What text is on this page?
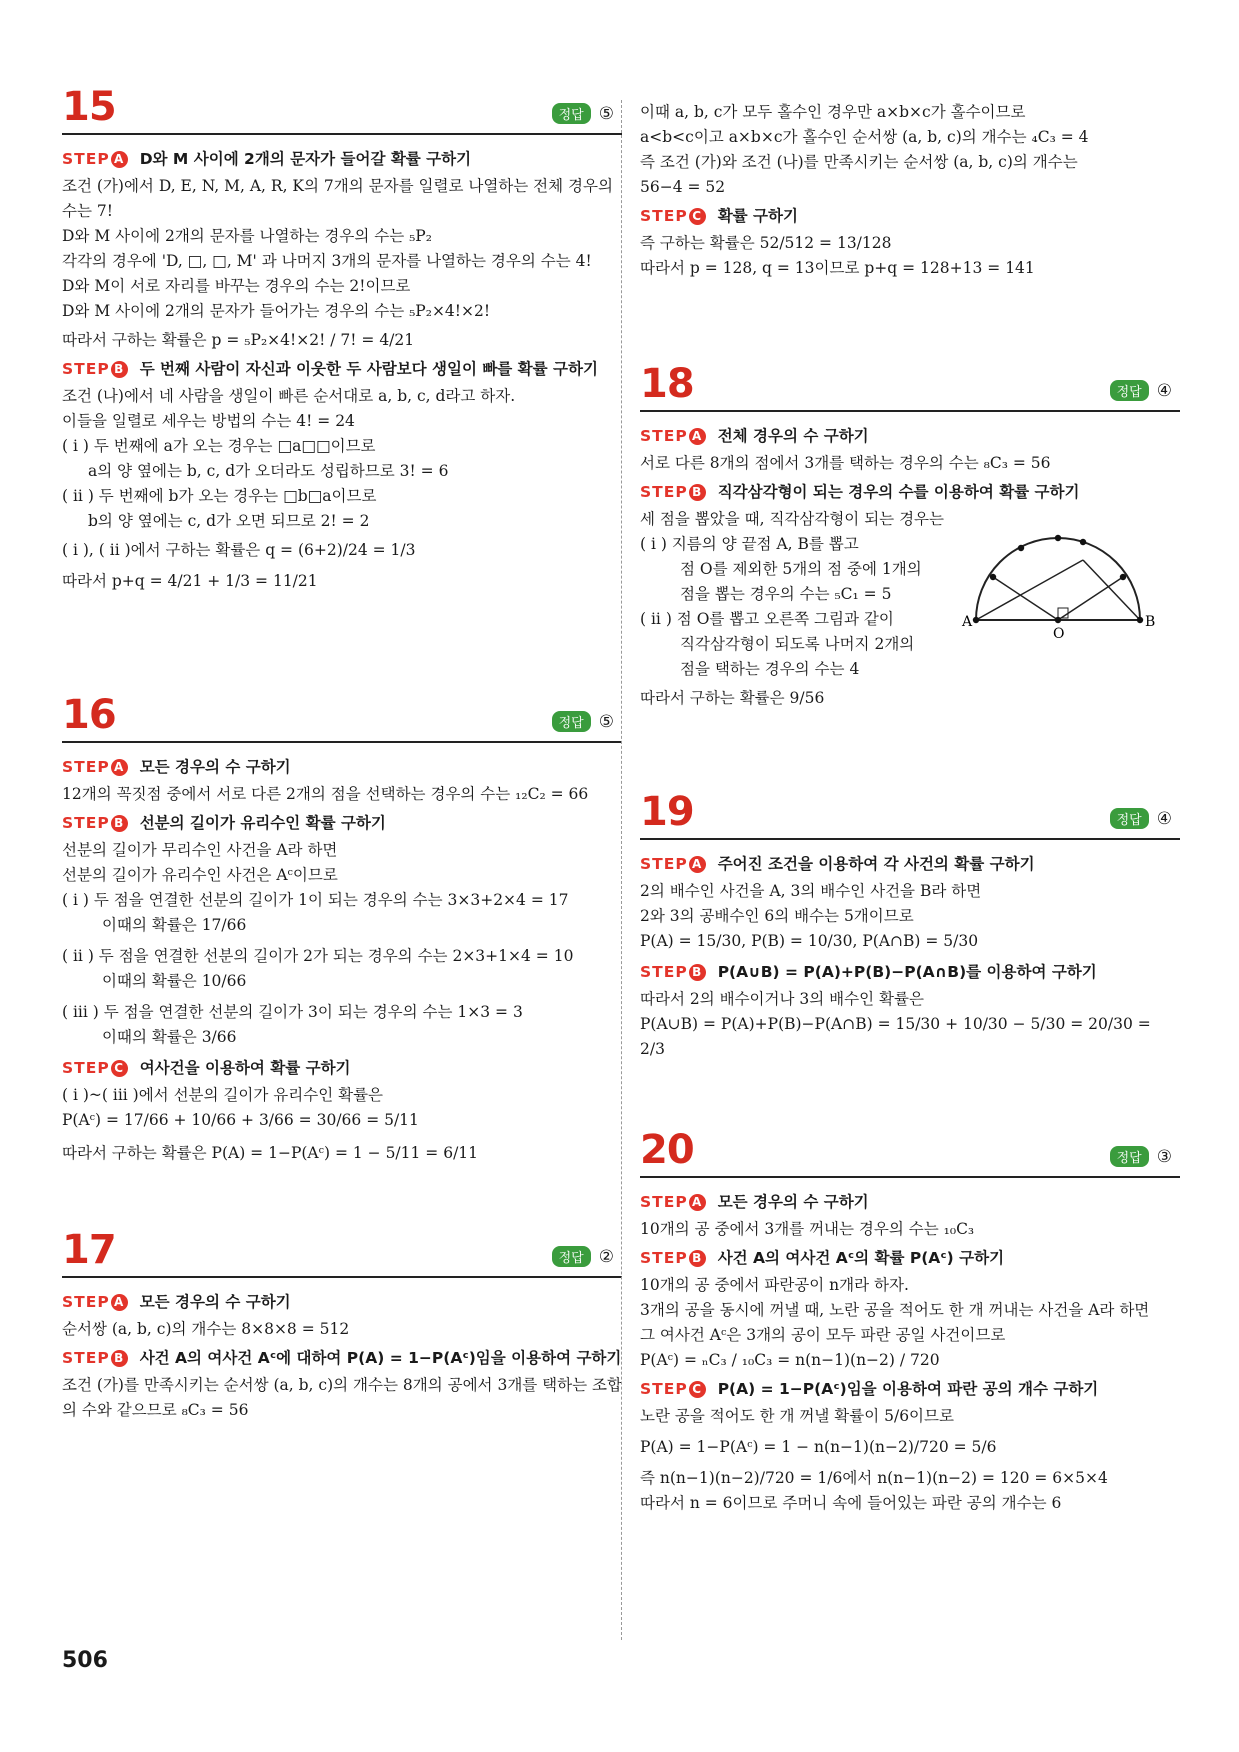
15	정답 ⑤

STEP A D와 M 사이에 2개의 문자가 들어갈 확률 구하기

조건 (가)에서 D, E, N, M, A, R, K의 7개의 문자를 일렬로 나열하는 전체 경우의 수는 7!

D와 M 사이에 2개의 문자를 나열하는 경우의 수는 ₅P₂

각각의 경우에 'D, □, □, M' 과 나머지 3개의 문자를 나열하는 경우의 수는 4!

D와 M이 서로 자리를 바꾸는 경우의 수는 2!이므로

D와 M 사이에 2개의 문자가 들어가는 경우의 수는 ₅P₂×4!×2!

따라서 구하는 확률은 p = ₅P₂×4!×2! / 7! = 4/21

STEP B 두 번째 사람이 자신과 이웃한 두 사람보다 생일이 빠를 확률 구하기

조건 (나)에서 네 사람을 생일이 빠른 순서대로 a, b, c, d라고 하자.

이들을 일렬로 세우는 방법의 수는 4! = 24

( i ) 두 번째에 a가 오는 경우는 □a□□이므로

a의 양 옆에는 b, c, d가 오더라도 성립하므로 3! = 6

( ii ) 두 번째에 b가 오는 경우는 □b□a이므로

b의 양 옆에는 c, d가 오면 되므로 2! = 2

( i ), ( ii )에서 구하는 확률은 q = (6+2)/24 = 1/3

따라서 p+q = 4/21 + 1/3 = 11/21

16	정답 ⑤

STEP A 모든 경우의 수 구하기

12개의 꼭짓점 중에서 서로 다른 2개의 점을 선택하는 경우의 수는 ₁₂C₂ = 66

STEP B 선분의 길이가 유리수인 확률 구하기

선분의 길이가 무리수인 사건을 A라 하면

선분의 길이가 유리수인 사건은 Aᶜ이므로

( i ) 두 점을 연결한 선분의 길이가 1이 되는 경우의 수는 3×3+2×4 = 17

이때의 확률은 17/66

( ii ) 두 점을 연결한 선분의 길이가 2가 되는 경우의 수는 2×3+1×4 = 10

이때의 확률은 10/66

( iii ) 두 점을 연결한 선분의 길이가 3이 되는 경우의 수는 1×3 = 3

이때의 확률은 3/66

STEP C 여사건을 이용하여 확률 구하기

( i )~( iii )에서 선분의 길이가 유리수인 확률은

P(Aᶜ) = 17/66 + 10/66 + 3/66 = 30/66 = 5/11

따라서 구하는 확률은 P(A) = 1−P(Aᶜ) = 1 − 5/11 = 6/11

17	정답 ②

STEP A 모든 경우의 수 구하기

순서쌍 (a, b, c)의 개수는 8×8×8 = 512

STEP B 사건 A의 여사건 Aᶜ에 대하여 P(A) = 1−P(Aᶜ)임을 이용하여 구하기

조건 (가)를 만족시키는 순서쌍 (a, b, c)의 개수는 8개의 공에서 3개를 택하는 조합의 수와 같으므로 ₈C₃ = 56

이때 a, b, c가 모두 홀수인 경우만 a×b×c가 홀수이므로

a<b<c이고 a×b×c가 홀수인 순서쌍 (a, b, c)의 개수는 ₄C₃ = 4

즉 조건 (가)와 조건 (나)를 만족시키는 순서쌍 (a, b, c)의 개수는

56−4 = 52

STEP C 확률 구하기

즉 구하는 확률은 52/512 = 13/128

따라서 p = 128, q = 13이므로 p+q = 128+13 = 141

18	정답 ④

STEP A 전체 경우의 수 구하기

서로 다른 8개의 점에서 3개를 택하는 경우의 수는 ₈C₃ = 56

STEP B 직각삼각형이 되는 경우의 수를 이용하여 확률 구하기

세 점을 뽑았을 때, 직각삼각형이 되는 경우는

( i ) 지름의 양 끝점 A, B를 뽑고

점 O를 제외한 5개의 점 중에 1개의

점을 뽑는 경우의 수는 ₅C₁ = 5

( ii ) 점 O를 뽑고 오른쪽 그림과 같이

직각삼각형이 되도록 나머지 2개의

점을 택하는 경우의 수는 4

따라서 구하는 확률은 9/56

A
O
B
19	정답 ④

STEP A 주어진 조건을 이용하여 각 사건의 확률 구하기

2의 배수인 사건을 A, 3의 배수인 사건을 B라 하면

2와 3의 공배수인 6의 배수는 5개이므로

P(A) = 15/30, P(B) = 10/30, P(A∩B) = 5/30

STEP B P(A∪B) = P(A)+P(B)−P(A∩B)를 이용하여 구하기

따라서 2의 배수이거나 3의 배수인 확률은

P(A∪B) = P(A)+P(B)−P(A∩B) = 15/30 + 10/30 − 5/30 = 20/30 = 2/3

20	정답 ③

STEP A 모든 경우의 수 구하기

10개의 공 중에서 3개를 꺼내는 경우의 수는 ₁₀C₃

STEP B 사건 A의 여사건 Aᶜ의 확률 P(Aᶜ) 구하기

10개의 공 중에서 파란공이 n개라 하자.

3개의 공을 동시에 꺼낼 때, 노란 공을 적어도 한 개 꺼내는 사건을 A라 하면

그 여사건 Aᶜ은 3개의 공이 모두 파란 공일 사건이므로

P(Aᶜ) = ₙC₃ / ₁₀C₃ = n(n−1)(n−2) / 720

STEP C P(A) = 1−P(Aᶜ)임을 이용하여 파란 공의 개수 구하기

노란 공을 적어도 한 개 꺼낼 확률이 5/6이므로

P(A) = 1−P(Aᶜ) = 1 − n(n−1)(n−2)/720 = 5/6

즉 n(n−1)(n−2)/720 = 1/6에서 n(n−1)(n−2) = 120 = 6×5×4

따라서 n = 6이므로 주머니 속에 들어있는 파란 공의 개수는 6

506
